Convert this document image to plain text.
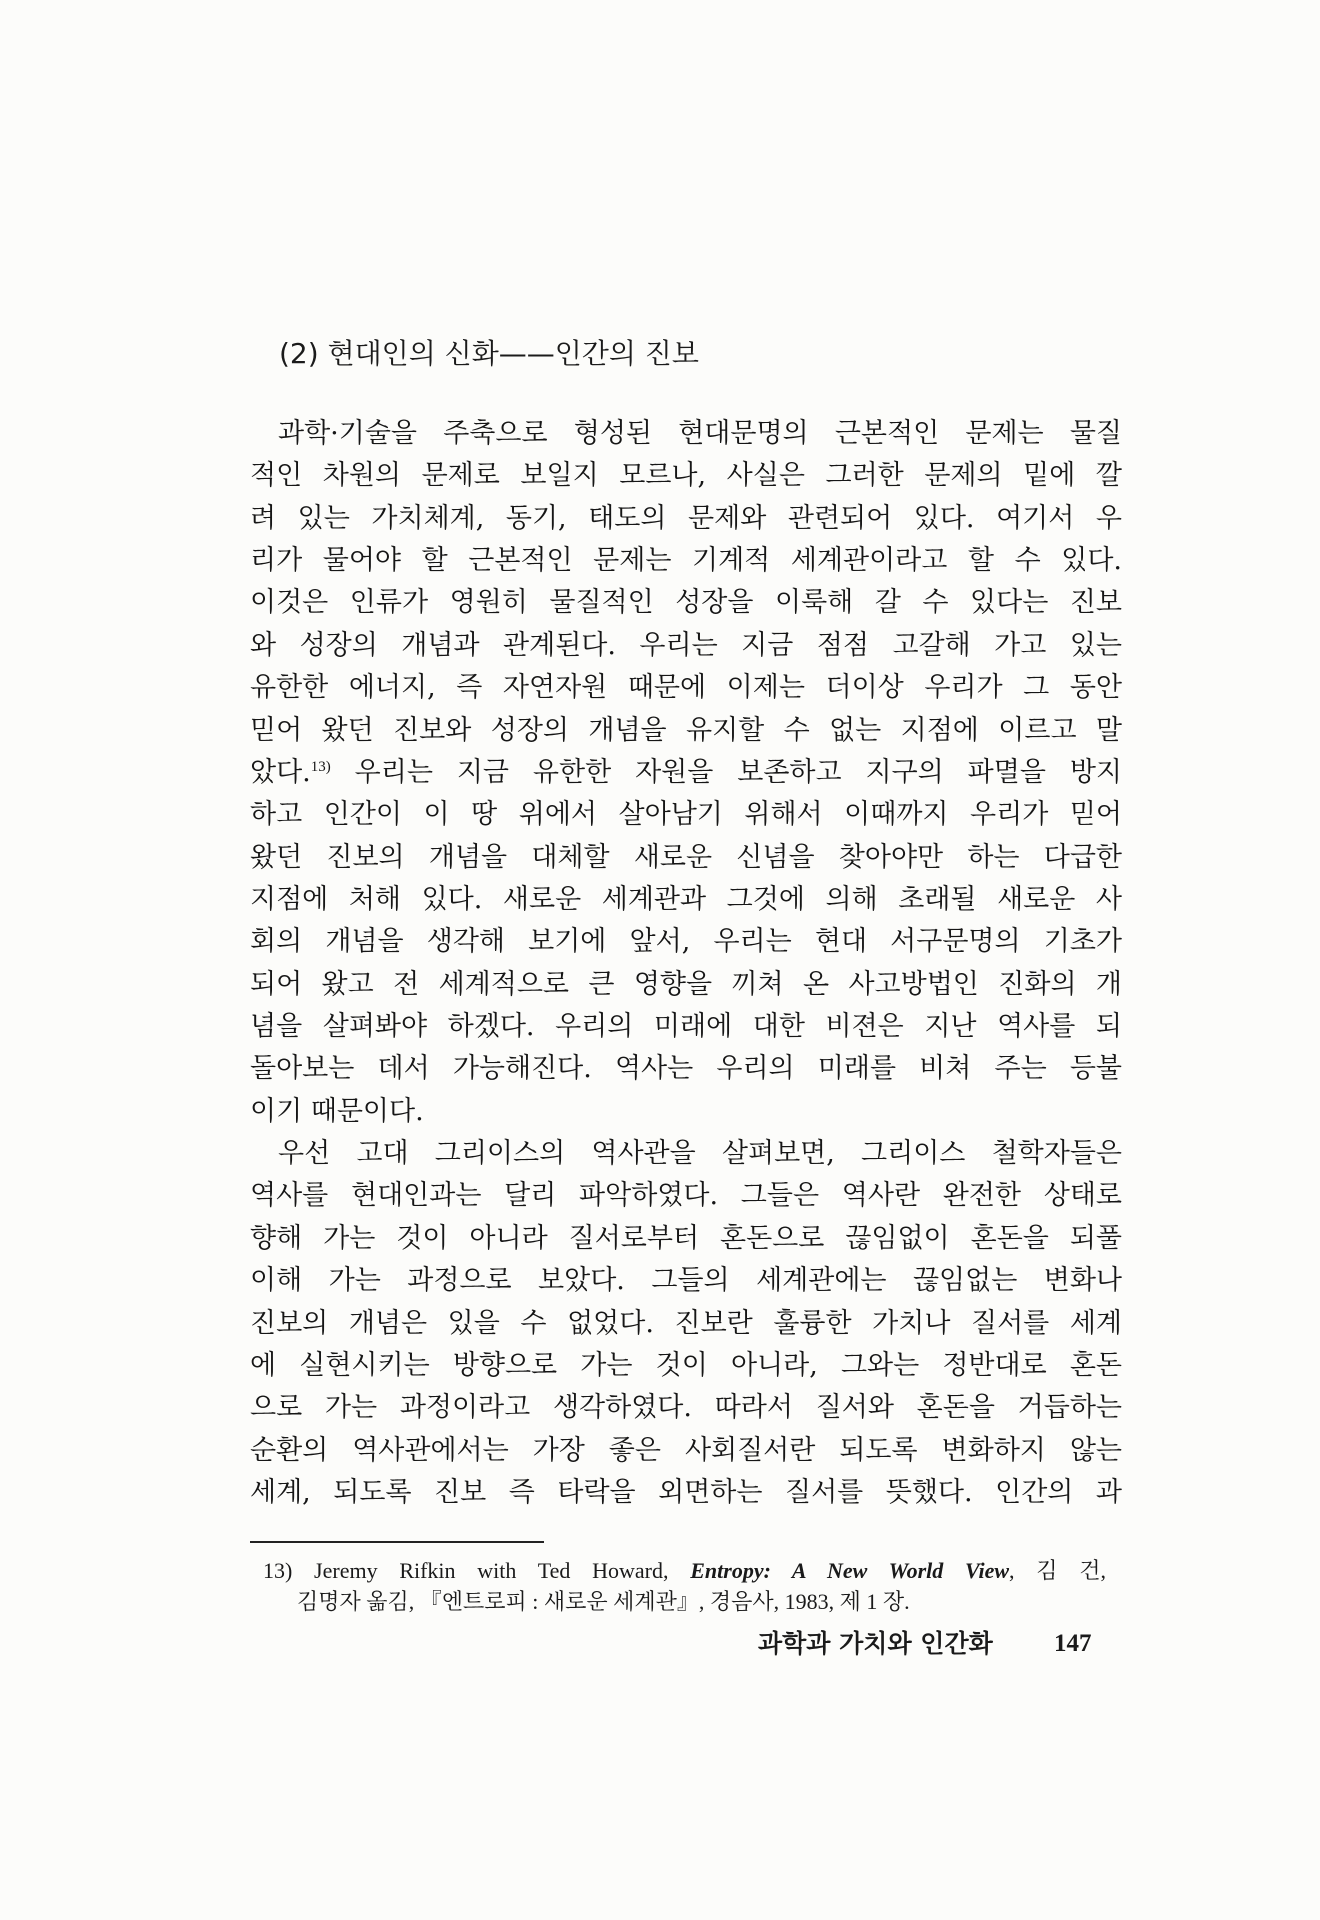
(2) 현대인의 신화——인간의 진보
과학·기술을 주축으로 형성된 현대문명의 근본적인 문제는 물질
적인 차원의 문제로 보일지 모르나, 사실은 그러한 문제의 밑에 깔
려 있는 가치체계, 동기, 태도의 문제와 관련되어 있다. 여기서 우
리가 물어야 할 근본적인 문제는 기계적 세계관이라고 할 수 있다.
이것은 인류가 영원히 물질적인 성장을 이룩해 갈 수 있다는 진보
와 성장의 개념과 관계된다. 우리는 지금 점점 고갈해 가고 있는
유한한 에너지, 즉 자연자원 때문에 이제는 더이상 우리가 그 동안
믿어 왔던 진보와 성장의 개념을 유지할 수 없는 지점에 이르고 말
았다.$^{13)}$ 우리는 지금 유한한 자원을 보존하고 지구의 파멸을 방지
하고 인간이 이 땅 위에서 살아남기 위해서 이때까지 우리가 믿어
왔던 진보의 개념을 대체할 새로운 신념을 찾아야만 하는 다급한
지점에 처해 있다. 새로운 세계관과 그것에 의해 초래될 새로운 사
회의 개념을 생각해 보기에 앞서, 우리는 현대 서구문명의 기초가
되어 왔고 전 세계적으로 큰 영향을 끼쳐 온 사고방법인 진화의 개
념을 살펴봐야 하겠다. 우리의 미래에 대한 비젼은 지난 역사를 되
돌아보는 데서 가능해진다. 역사는 우리의 미래를 비쳐 주는 등불
이기 때문이다.
우선 고대 그리이스의 역사관을 살펴보면, 그리이스 철학자들은
역사를 현대인과는 달리 파악하였다. 그들은 역사란 완전한 상태로
향해 가는 것이 아니라 질서로부터 혼돈으로 끊임없이 혼돈을 되풀
이해 가는 과정으로 보았다. 그들의 세계관에는 끊임없는 변화나
진보의 개념은 있을 수 없었다. 진보란 훌륭한 가치나 질서를 세계
에 실현시키는 방향으로 가는 것이 아니라, 그와는 정반대로 혼돈
으로 가는 과정이라고 생각하였다. 따라서 질서와 혼돈을 거듭하는
순환의 역사관에서는 가장 좋은 사회질서란 되도록 변화하지 않는
세계, 되도록 진보 즉 타락을 외면하는 질서를 뜻했다. 인간의 과
13) Jeremy Rifkin with Ted Howard, Entropy: A New World View, 김 건,
김명자 옮김, 『엔트로피 : 새로운 세계관』, 경음사, 1983, 제 1 장.
과학과 가치와 인간화 147
